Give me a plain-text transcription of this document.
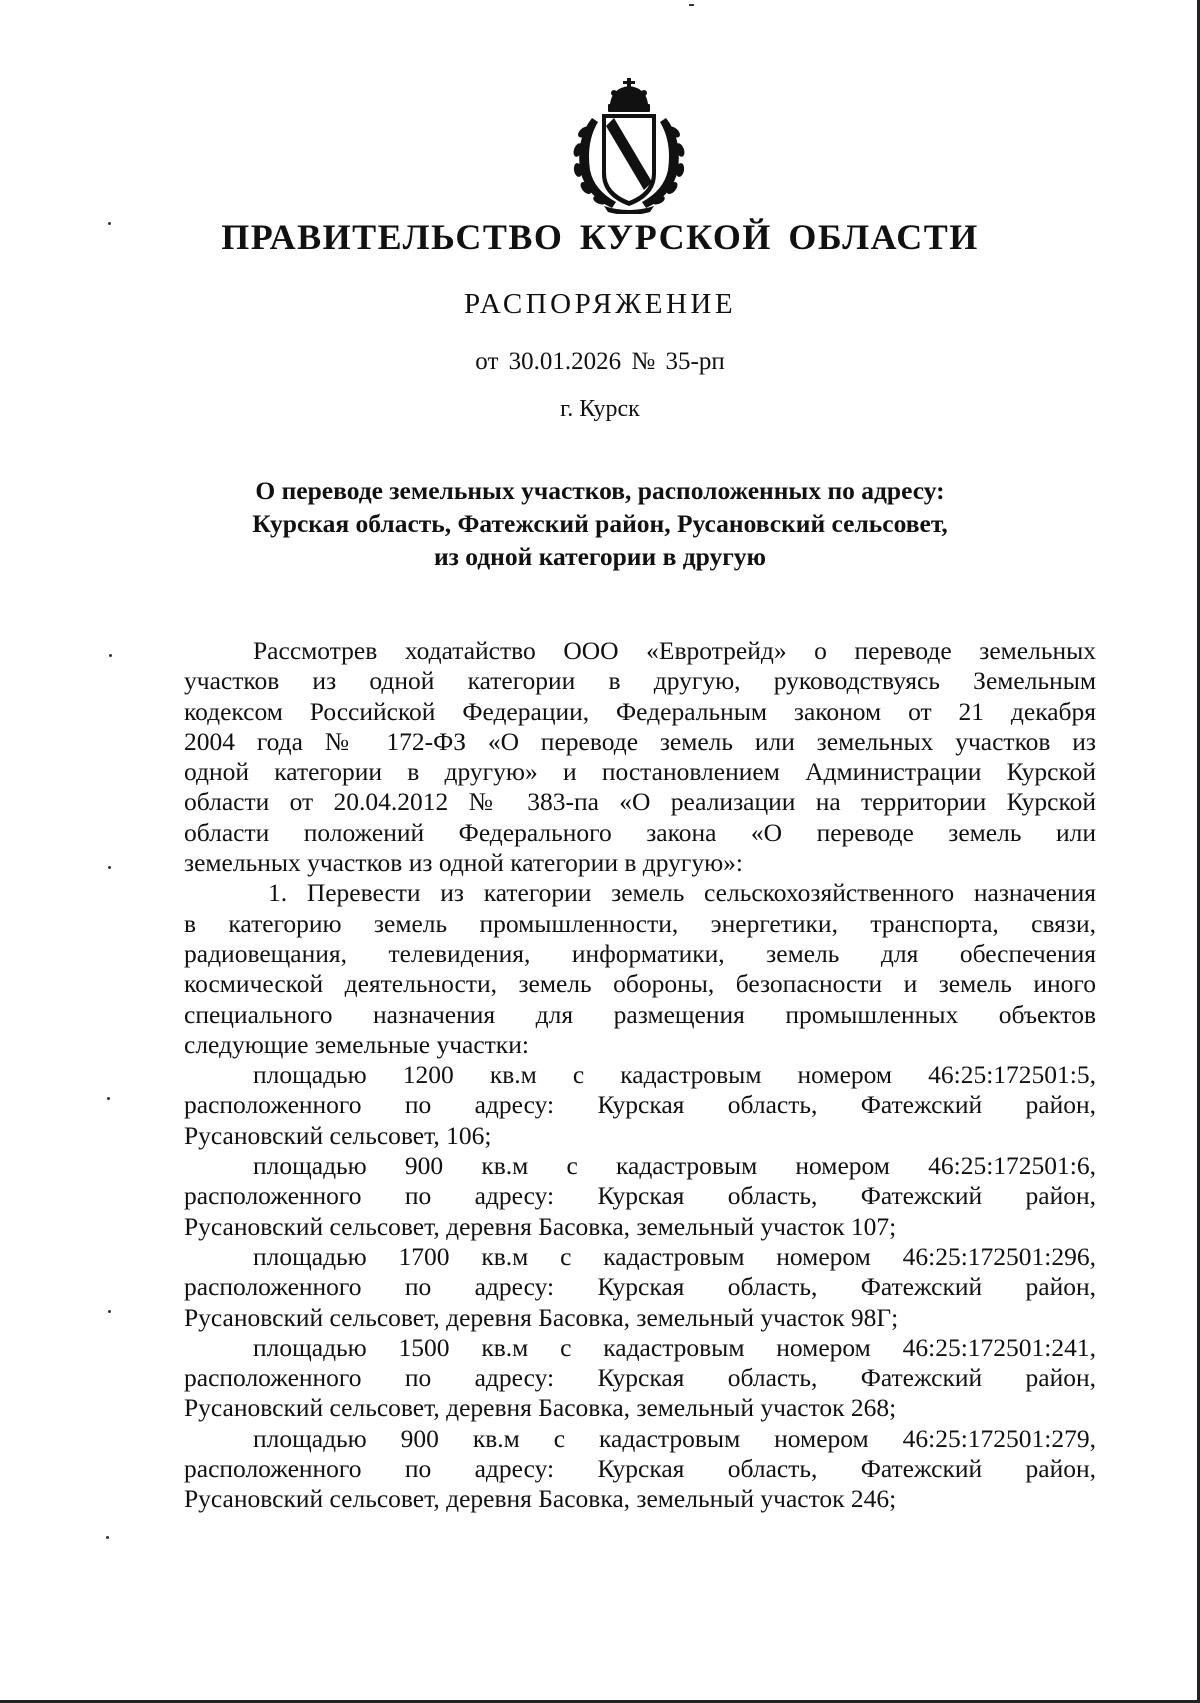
ПРАВИТЕЛЬСТВО КУРСКОЙ ОБЛАСТИ
РАСПОРЯЖЕНИЕ
от 30.01.2026 № 35-рп
г. Курск
О переводе земельных участков, расположенных по адресу:
Курская область, Фатежский район, Русановский сельсовет,
из одной категории в другую

Рассмотрев ходатайство ООО «Евротрейд» о переводе земельных

участков из одной категории в другую, руководствуясь Земельным

кодексом Российской Федерации, Федеральным законом от 21 декабря

2004 года № 172-ФЗ «О переводе земель или земельных участков из

одной категории в другую» и постановлением Администрации Курской

области от 20.04.2012 № 383-па «О реализации на территории Курской

области положений Федерального закона «О переводе земель или

земельных участков из одной категории в другую»:

1. Перевести из категории земель сельскохозяйственного назначения

в категорию земель промышленности, энергетики, транспорта, связи,

радиовещания, телевидения, информатики, земель для обеспечения

космической деятельности, земель обороны, безопасности и земель иного

специального назначения для размещения промышленных объектов

следующие земельные участки:

площадью 1200 кв.м с кадастровым номером 46:25:172501:5,

расположенного по адресу: Курская область, Фатежский район,

Русановский сельсовет, 106;

площадью 900 кв.м с кадастровым номером 46:25:172501:6,

расположенного по адресу: Курская область, Фатежский район,

Русановский сельсовет, деревня Басовка, земельный участок 107;

площадью 1700 кв.м с кадастровым номером 46:25:172501:296,

расположенного по адресу: Курская область, Фатежский район,

Русановский сельсовет, деревня Басовка, земельный участок 98Г;

площадью 1500 кв.м с кадастровым номером 46:25:172501:241,

расположенного по адресу: Курская область, Фатежский район,

Русановский сельсовет, деревня Басовка, земельный участок 268;

площадью 900 кв.м с кадастровым номером 46:25:172501:279,

расположенного по адресу: Курская область, Фатежский район,

Русановский сельсовет, деревня Басовка, земельный участок 246;
